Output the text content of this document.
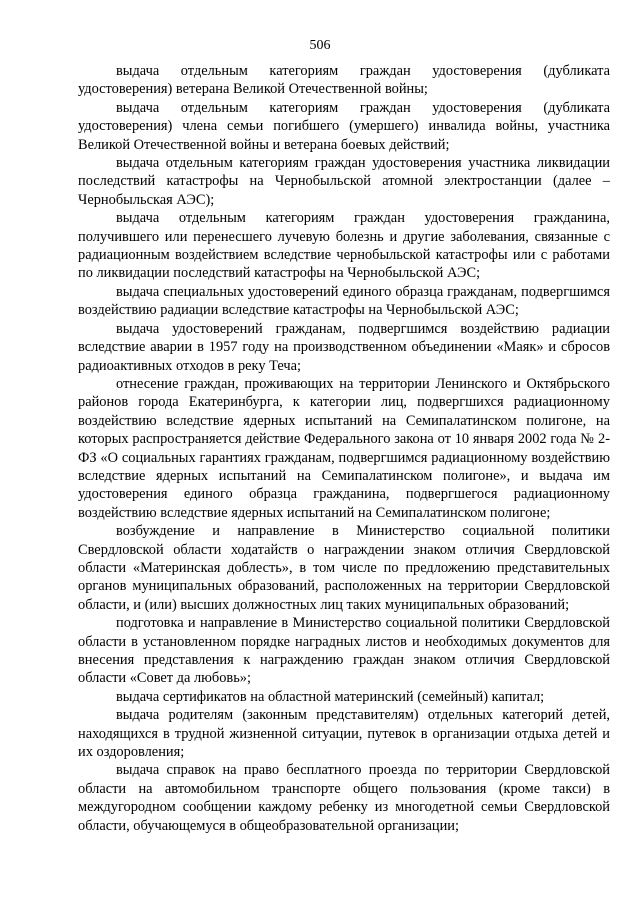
506

выдача отдельным категориям граждан удостоверения (дубликата удостоверения) ветерана Великой Отечественной войны;

выдача отдельным категориям граждан удостоверения (дубликата удостоверения) члена семьи погибшего (умершего) инвалида войны, участника Великой Отечественной войны и ветерана боевых действий;

выдача отдельным категориям граждан удостоверения участника ликвидации последствий катастрофы на Чернобыльской атомной электростанции (далее – Чернобыльская АЭС);

выдача отдельным категориям граждан удостоверения гражданина, получившего или перенесшего лучевую болезнь и другие заболевания, связанные с радиационным воздействием вследствие чернобыльской катастрофы или с работами по ликвидации последствий катастрофы на Чернобыльской АЭС;

выдача специальных удостоверений единого образца гражданам, подвергшимся воздействию радиации вследствие катастрофы на Чернобыльской АЭС;

выдача удостоверений гражданам, подвергшимся воздействию радиации вследствие аварии в 1957 году на производственном объединении «Маяк» и сбросов радиоактивных отходов в реку Теча;

отнесение граждан, проживающих на территории Ленинского и Октябрьского районов города Екатеринбурга, к категории лиц, подвергшихся радиационному воздействию вследствие ядерных испытаний на Семипалатинском полигоне, на которых распространяется действие Федерального закона от 10 января 2002 года № 2-ФЗ «О социальных гарантиях гражданам, подвергшимся радиационному воздействию вследствие ядерных испытаний на Семипалатинском полигоне», и выдача им удостоверения единого образца гражданина, подвергшегося радиационному воздействию вследствие ядерных испытаний на Семипалатинском полигоне;

возбуждение и направление в Министерство социальной политики Свердловской области ходатайств о награждении знаком отличия Свердловской области «Материнская доблесть», в том числе по предложению представительных органов муниципальных образований, расположенных на территории Свердловской области, и (или) высших должностных лиц таких муниципальных образований;

подготовка и направление в Министерство социальной политики Свердловской области в установленном порядке наградных листов и необходимых документов для внесения представления к награждению граждан знаком отличия Свердловской области «Совет да любовь»;

выдача сертификатов на областной материнский (семейный) капитал;

выдача родителям (законным представителям) отдельных категорий детей, находящихся в трудной жизненной ситуации, путевок в организации отдыха детей и их оздоровления;

выдача справок на право бесплатного проезда по территории Свердловской области на автомобильном транспорте общего пользования (кроме такси) в междугородном сообщении каждому ребенку из многодетной семьи Свердловской области, обучающемуся в общеобразовательной организации;
